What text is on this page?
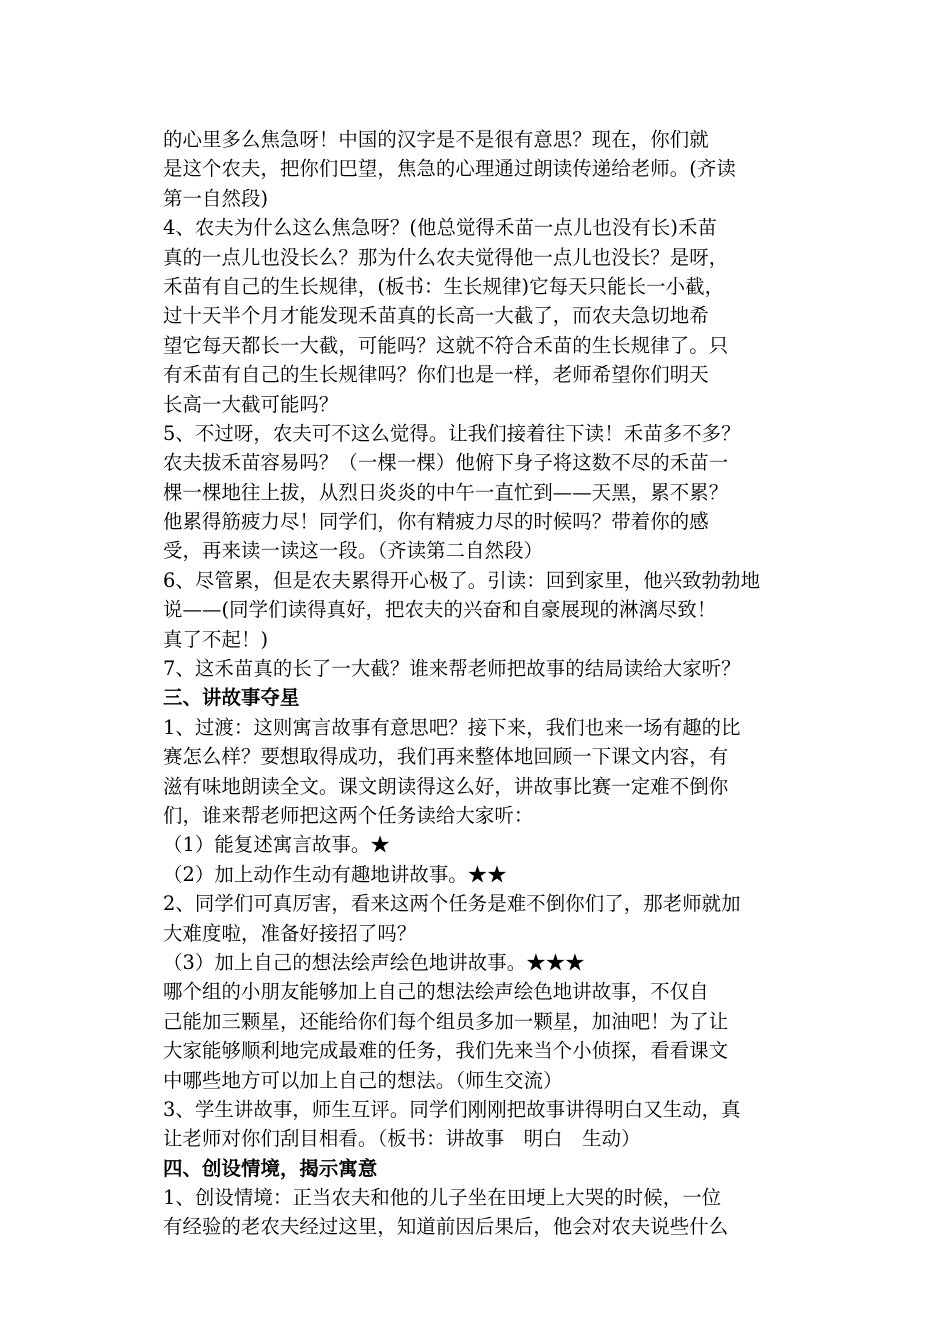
的心里多么焦急呀！中国的汉字是不是很有意思？现在，你们就
是这个农夫，把你们巴望，焦急的心理通过朗读传递给老师。(齐读
第一自然段)
4、农夫为什么这么焦急呀？(他总觉得禾苗一点儿也没有长)禾苗
真的一点儿也没长么？那为什么农夫觉得他一点儿也没长？是呀，
禾苗有自己的生长规律，(板书：生长规律)它每天只能长一小截，
过十天半个月才能发现禾苗真的长高一大截了，而农夫急切地希
望它每天都长一大截，可能吗？这就不符合禾苗的生长规律了。只
有禾苗有自己的生长规律吗？你们也是一样，老师希望你们明天
长高一大截可能吗？
5、不过呀，农夫可不这么觉得。让我们接着往下读！禾苗多不多？
农夫拔禾苗容易吗？（一棵一棵）他俯下身子将这数不尽的禾苗一
棵一棵地往上拔，从烈日炎炎的中午一直忙到——天黑，累不累？
他累得筋疲力尽！同学们，你有精疲力尽的时候吗？带着你的感
受，再来读一读这一段。（齐读第二自然段）
6、尽管累，但是农夫累得开心极了。引读：回到家里，他兴致勃勃地
说——(同学们读得真好，把农夫的兴奋和自豪展现的淋漓尽致！
真了不起！)
7、这禾苗真的长了一大截？谁来帮老师把故事的结局读给大家听？
三、讲故事夺星
1、过渡：这则寓言故事有意思吧？接下来，我们也来一场有趣的比
赛怎么样？要想取得成功，我们再来整体地回顾一下课文内容，有
滋有味地朗读全文。课文朗读得这么好，讲故事比赛一定难不倒你
们，谁来帮老师把这两个任务读给大家听：
（1）能复述寓言故事。★
（2）加上动作生动有趣地讲故事。★★
2、同学们可真厉害，看来这两个任务是难不倒你们了，那老师就加
大难度啦，准备好接招了吗？
（3）加上自己的想法绘声绘色地讲故事。★★★
哪个组的小朋友能够加上自己的想法绘声绘色地讲故事，不仅自
己能加三颗星，还能给你们每个组员多加一颗星，加油吧！为了让
大家能够顺利地完成最难的任务，我们先来当个小侦探，看看课文
中哪些地方可以加上自己的想法。（师生交流）
3、学生讲故事，师生互评。同学们刚刚把故事讲得明白又生动，真
让老师对你们刮目相看。（板书：讲故事　明白　生动）
四、创设情境，揭示寓意
1、创设情境：正当农夫和他的儿子坐在田埂上大哭的时候，一位
有经验的老农夫经过这里，知道前因后果后，他会对农夫说些什么
